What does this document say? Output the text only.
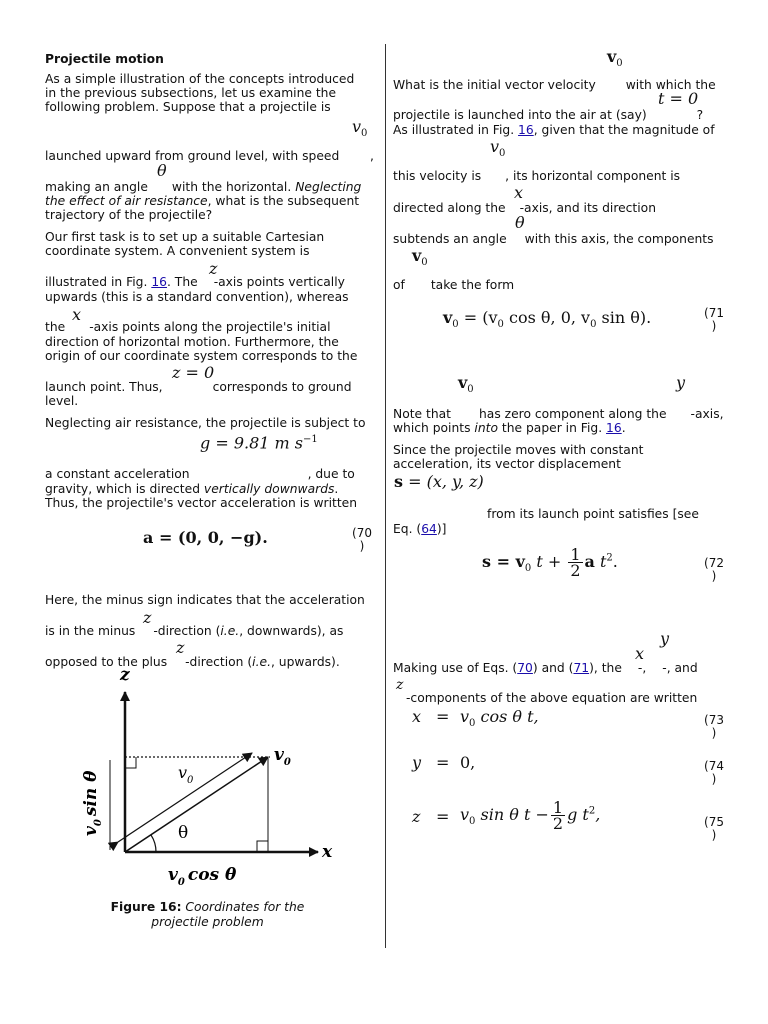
Projectile motion
As a simple illustration of the concepts introduced
in the previous subsections, let us examine the
following problem. Suppose that a projectile is
$v_0$
launched upward from ground level, with speed ,
θ
making an angle with the horizontal. Neglecting
the effect of air resistance, what is the subsequent
trajectory of the projectile?
Our first task is to set up a suitable Cartesian
coordinate system. A convenient system is
z
illustrated in Fig. 16. The -axis points vertically
upwards (this is a standard convention), whereas
x
the -axis points along the projectile's initial
direction of horizontal motion. Furthermore, the
origin of our coordinate system corresponds to the
z = 0
launch point. Thus,	corresponds to ground
level.
Neglecting air resistance, the projectile is subject to
g = 9.81 m $s^{-1}$
a constant acceleration	, due to
gravity, which is directed vertically downwards.
Thus, the projectile's vector acceleration is written
a = (0, 0, −g).	(70
)
Here, the minus sign indicates that the acceleration
z
is in the minus -direction (i.e., downwards), as
z
opposed to the plus -direction (i.e., upwards).
z
x
$v_0$
$v_0$
θ
$v_0$ cos θ
$v_0\sin$ θ
Figure 16: Coordinates for the
projectile problem
$v_0$
What is the initial vector velocity with which the
t = 0
projectile is launched into the air at (say)	?
As illustrated in Fig. 16, given that the magnitude of
$v_0$
this velocity is , its horizontal component is
x
directed along the -axis, and its direction
θ
subtends an angle with this axis, the components
$v_0$
of take the form
$v_0 = (v_0$ cos θ, 0, $v_0$ sin θ).	(71
)
$v_0$	y
Note that has zero component along the -axis,
which points into the paper in Fig. 16.
Since the projectile moves with constant
acceleration, its vector displacement
s = (x, y, z)
from its launch point satisfies [see
Eq. (64)]
$s = v_0$ $t + \frac{1}{2}$ a $t^2$.	(72
)
y
x
Making use of Eqs. (70) and (71), the -, -, and
z
-components of the above equation are written
$x = v_0$ cos θ t,	(73
)
y = 0,	(74
)
$z = v_0$ sin θ $t - \frac{1}{2}$ g $t^2$,	(75
)
